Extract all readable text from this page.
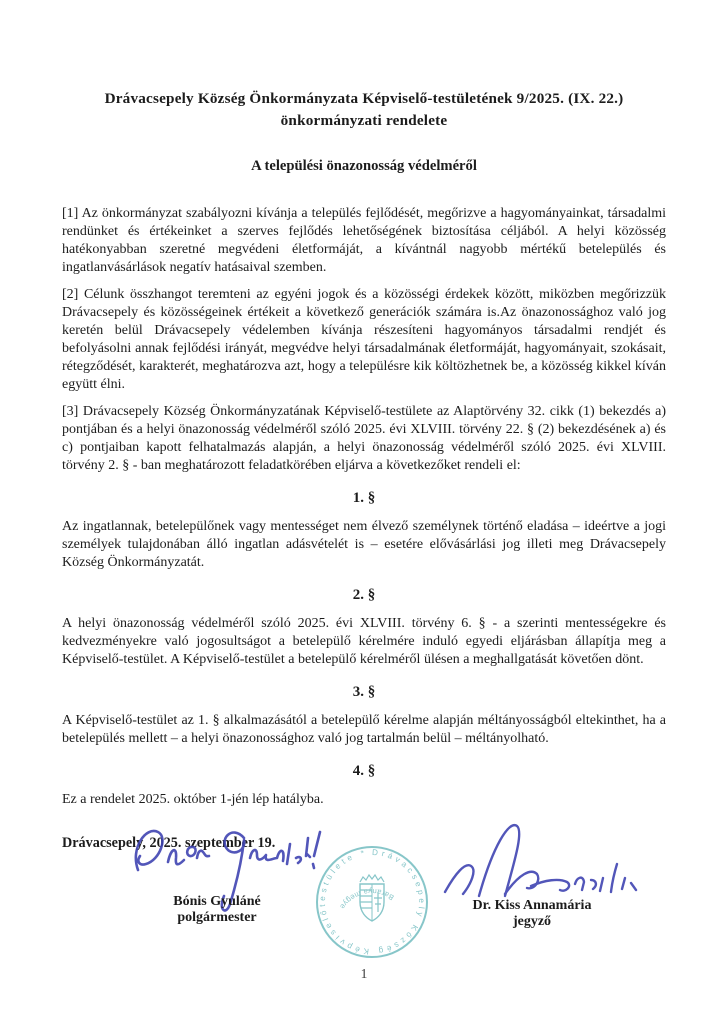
Drávacsepely Község Önkormányzata Képviselő-testületének 9/2025. (IX. 22.) önkormányzati rendelete
A települési önazonosság védelméről

[1] Az önkormányzat szabályozni kívánja a település fejlődését, megőrizve a hagyományainkat, társadalmi rendünket és értékeinket a szerves fejlődés lehetőségének biztosítása céljából. A helyi közösség hatékonyabban szeretné megvédeni életformáját, a kívántnál nagyobb mértékű betelepülés és ingatlanvásárlások negatív hatásaival szemben.

[2] Célunk összhangot teremteni az egyéni jogok és a közösségi érdekek között, miközben megőrizzük Drávacsepely és közösségeinek értékeit a következő generációk számára is.Az önazonossághoz való jog keretén belül Drávacsepely védelemben kívánja részesíteni hagyományos társadalmi rendjét és befolyásolni annak fejlődési irányát, megvédve helyi társadalmának életformáját, hagyományait, szokásait, rétegződését, karakterét, meghatározva azt, hogy a településre kik költözhetnek be, a közösség kikkel kíván együtt élni.

[3] Drávacsepely Község Önkormányzatának Képviselő-testülete az Alaptörvény 32. cikk (1) bekezdés a) pontjában és a helyi önazonosság védelméről szóló 2025. évi XLVIII. törvény 22. § (2) bekezdésének a) és c) pontjaiban kapott felhatalmazás alapján, a helyi önazonosság védelméről szóló 2025. évi XLVIII. törvény 2. § - ban meghatározott feladatkörében eljárva a következőket rendeli el:

1. §

Az ingatlannak, betelepülőnek vagy mentességet nem élvező személynek történő eladása – ideértve a jogi személyek tulajdonában álló ingatlan adásvételét is – esetére elővásárlási jog illeti meg Drávacsepely Község Önkormányzatát.

2. §

A helyi önazonosság védelméről szóló 2025. évi XLVIII. törvény 6. § - a szerinti mentességekre és kedvezményekre való jogosultságot a betelepülő kérelmére induló egyedi eljárásban állapítja meg a Képviselő-testület. A Képviselő-testület a betelepülő kérelméről ülésen a meghallgatását követően dönt.

3. §

A Képviselő-testület az 1. § alkalmazásától a betelepülő kérelme alapján méltányosságból eltekinthet, ha a betelepülés mellett – a helyi önazonossághoz való jog tartalmán belül – méltányolható.

4. §

Ez a rendelet 2025. október 1-jén lép hatályba.

Drávacsepely, 2025. szeptember 19.
Drávacsepely Község Képviselőtestülete *
Baranya megye
Bónis Gyuláné
polgármester
Dr. Kiss Annamária
jegyző
1
